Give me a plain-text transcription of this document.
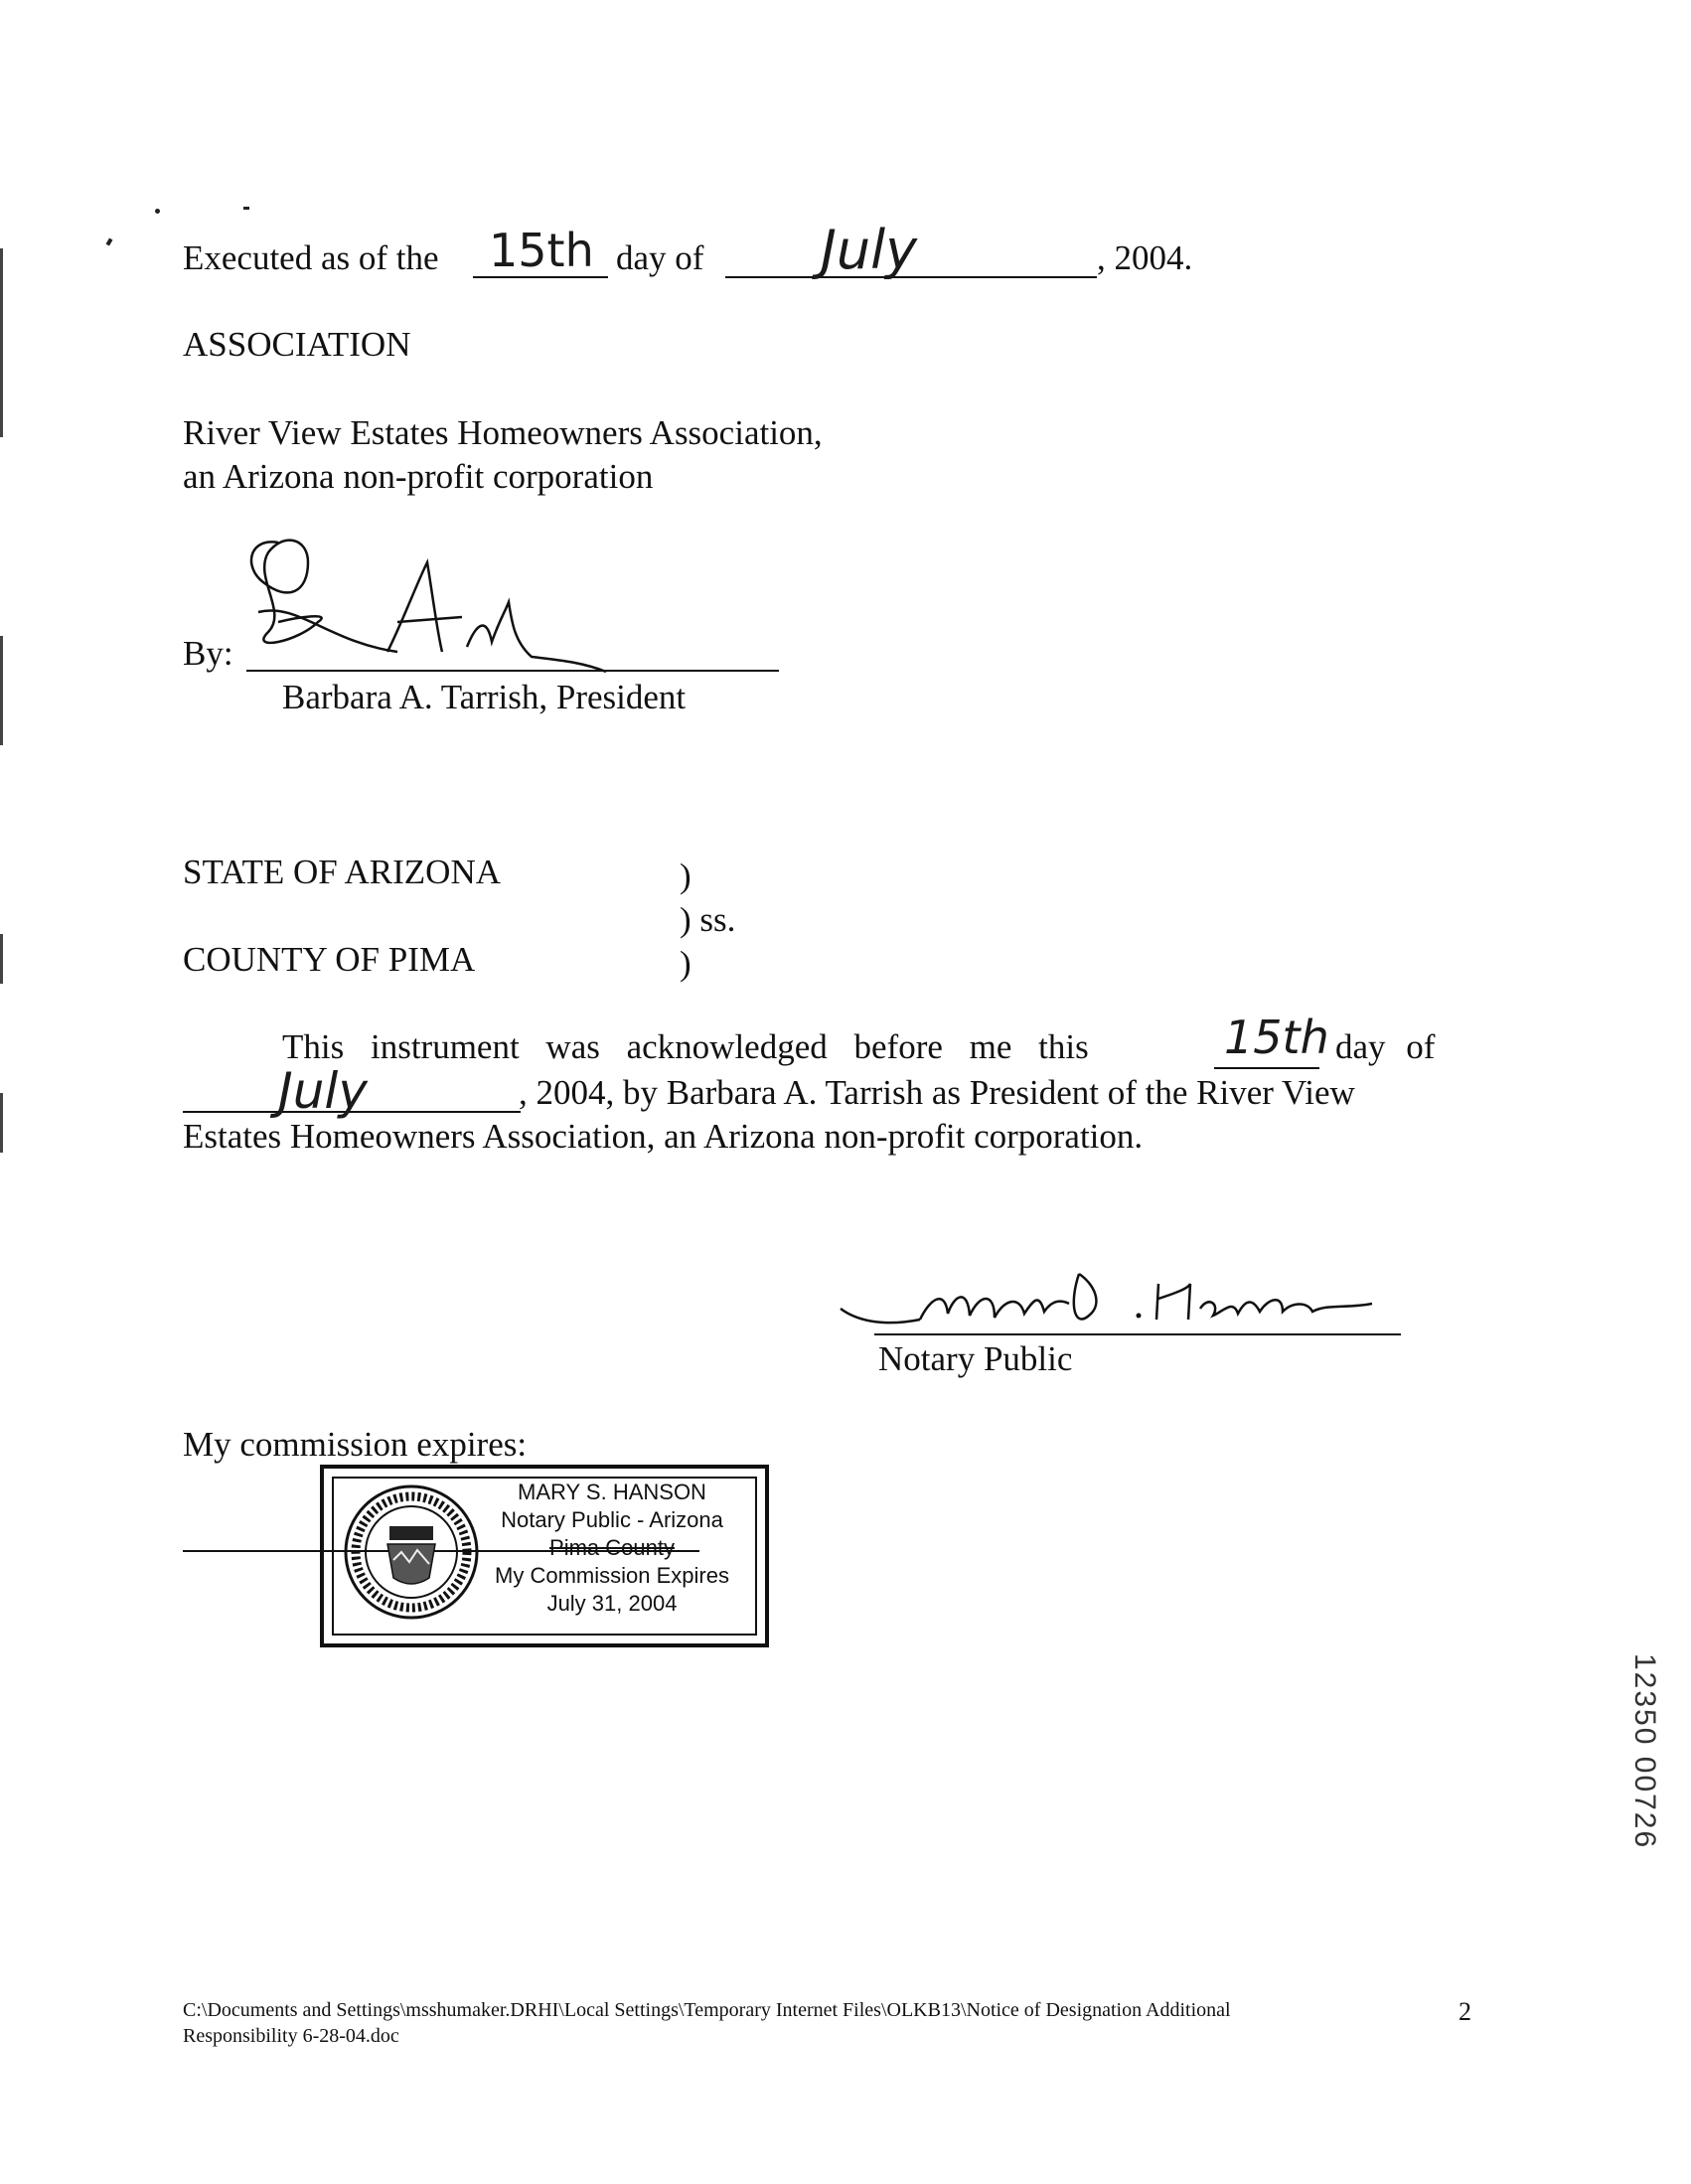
Executed as of the 15th day of July	, 2004.
ASSOCIATION
River View Estates Homeowners Association,
an Arizona non-profit corporation
By:
Barbara A. Tarrish, President
STATE OF ARIZONA	)
) ss.
COUNTY OF PIMA	)
This instrument was acknowledged before me this	15th day of
July	, 2004, by Barbara A. Tarrish as President of the River View
Estates Homeowners Association, an Arizona non-profit corporation.
Notary Public
My commission expires:
MARY S. HANSON
Notary Public - Arizona
Pima County
My Commission Expires
July 31, 2004

12350 00726

C:\Documents and Settings\msshumaker.DRHI\Local Settings\Temporary Internet Files\OLKB13\Notice of Designation Additional
Responsibility 6-28-04.doc
2
